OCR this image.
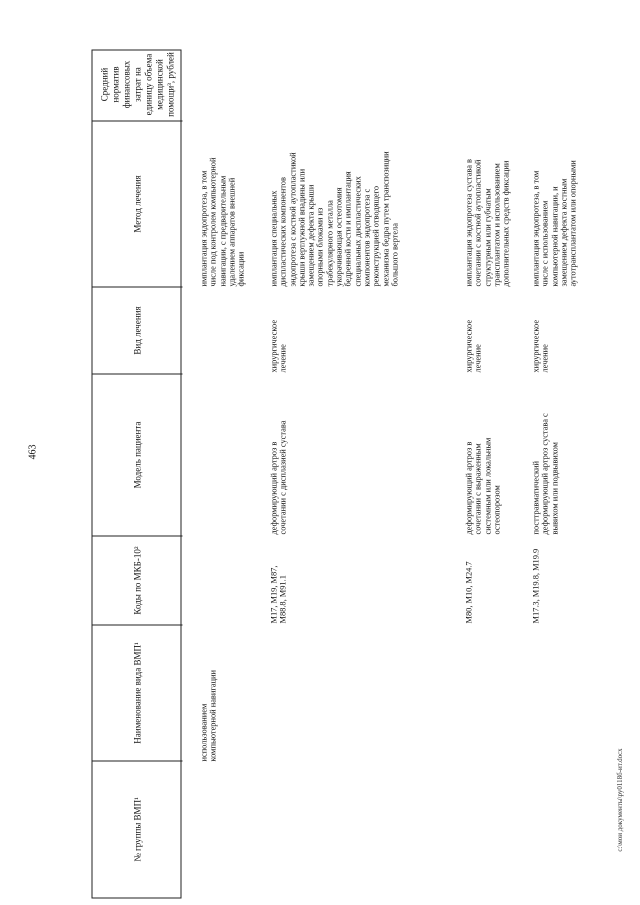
463
c:\мои документы\ру0118б-ит.docx
№ группы ВМП¹
Наименование вида ВМП¹
Коды по МКБ-10²
Модель пациента
Вид лечения
Метод лечения
Средний норматив финансовых затрат на единицу объема медицинской помощи³, рублей
использованием компьютерной навигации
имплантация эндопротеза, в том числе под контролем компьютерной навигации, с предварительным удалением аппаратов внешней фиксации
M17, M19, M87, M88.8, M91.1
деформирующий артроз в сочетании с дисплазией сустава
хирургическое лечение
имплантация специальных диспластических компонентов эндопротеза с костной аутопластикой крыши вертлужной впадины или замещением дефекта крыши опорными блоками из трабекулярного металла укорачивающая остеотомия бедренной кости и имплантация специальных диспластических компонентов эндопротеза с реконструкцией отводящего механизма бедра путем транспозиции большого вертела
M80, M10, M24.7
деформирующий артроз в сочетании с выраженным системным или локальным остеопорозом
хирургическое лечение
имплантация эндопротеза сустава в сочетании с костной аутопластикой структурным или губчатым трансплантатом и использованием дополнительных средств фиксации
M17.3, M19.8, M19.9
посттравматический деформирующий артроз сустава с вывихом или подвывихом
хирургическое лечение
имплантация эндопротеза, в том числе с использованием компьютерной навигации, и замещением дефекта костным аутотрансплантатом или опорными
